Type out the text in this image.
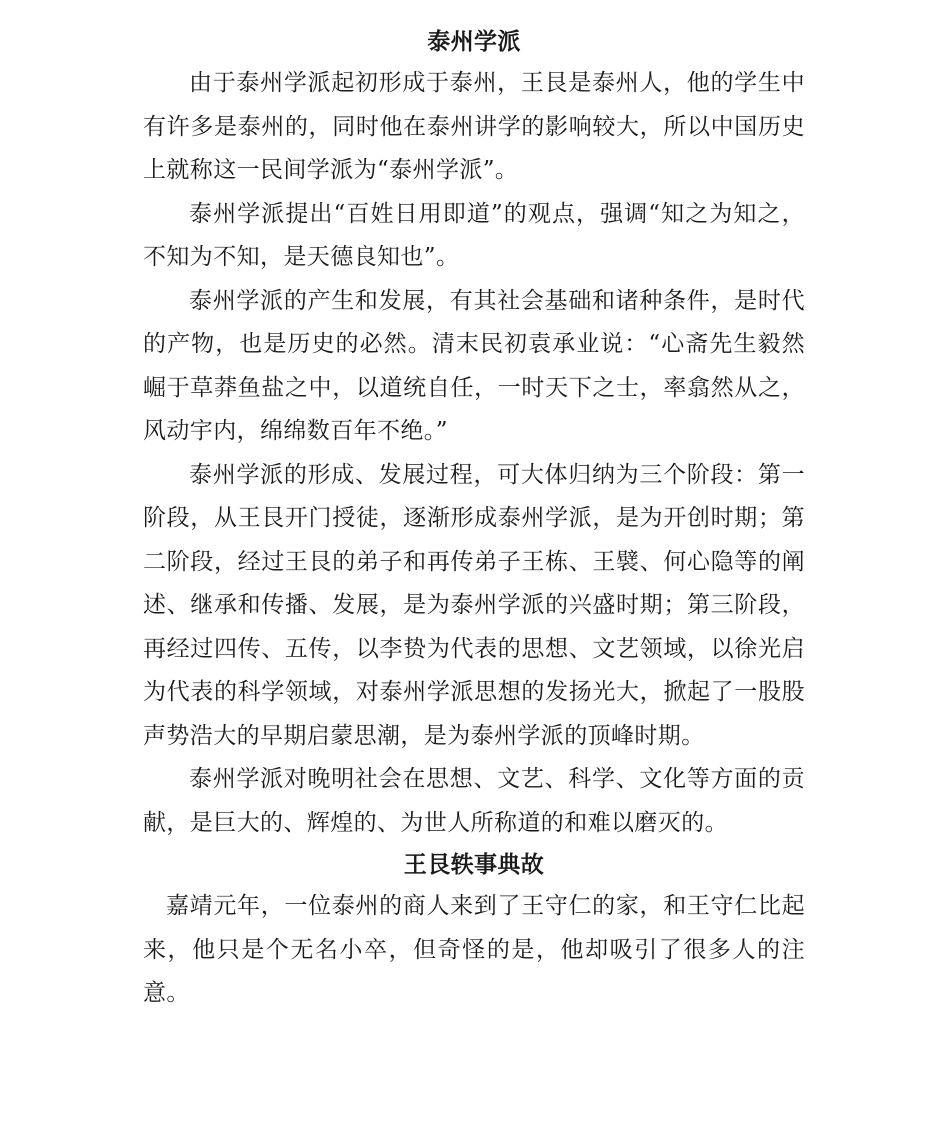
泰州学派

由于泰州学派起初形成于泰州，王艮是泰州人，他的学生中有许多是泰州的，同时他在泰州讲学的影响较大，所以中国历史上就称这一民间学派为“泰州学派”。

泰州学派提出“百姓日用即道”的观点，强调“知之为知之，不知为不知，是天德良知也”。

泰州学派的产生和发展，有其社会基础和诸种条件，是时代的产物，也是历史的必然。清末民初袁承业说：“心斋先生毅然崛于草莽鱼盐之中，以道统自任，一时天下之士，率翕然从之，风动宇内，绵绵数百年不绝。”

泰州学派的形成、发展过程，可大体归纳为三个阶段：第一阶段，从王艮开门授徒，逐渐形成泰州学派，是为开创时期；第二阶段，经过王艮的弟子和再传弟子王栋、王襞、何心隐等的阐述、继承和传播、发展，是为泰州学派的兴盛时期；第三阶段，再经过四传、五传，以李贽为代表的思想、文艺领域，以徐光启为代表的科学领域，对泰州学派思想的发扬光大，掀起了一股股声势浩大的早期启蒙思潮，是为泰州学派的顶峰时期。

泰州学派对晚明社会在思想、文艺、科学、文化等方面的贡献，是巨大的、辉煌的、为世人所称道的和难以磨灭的。

王艮轶事典故

嘉靖元年，一位泰州的商人来到了王守仁的家，和王守仁比起来，他只是个无名小卒，但奇怪的是，他却吸引了很多人的注意。
